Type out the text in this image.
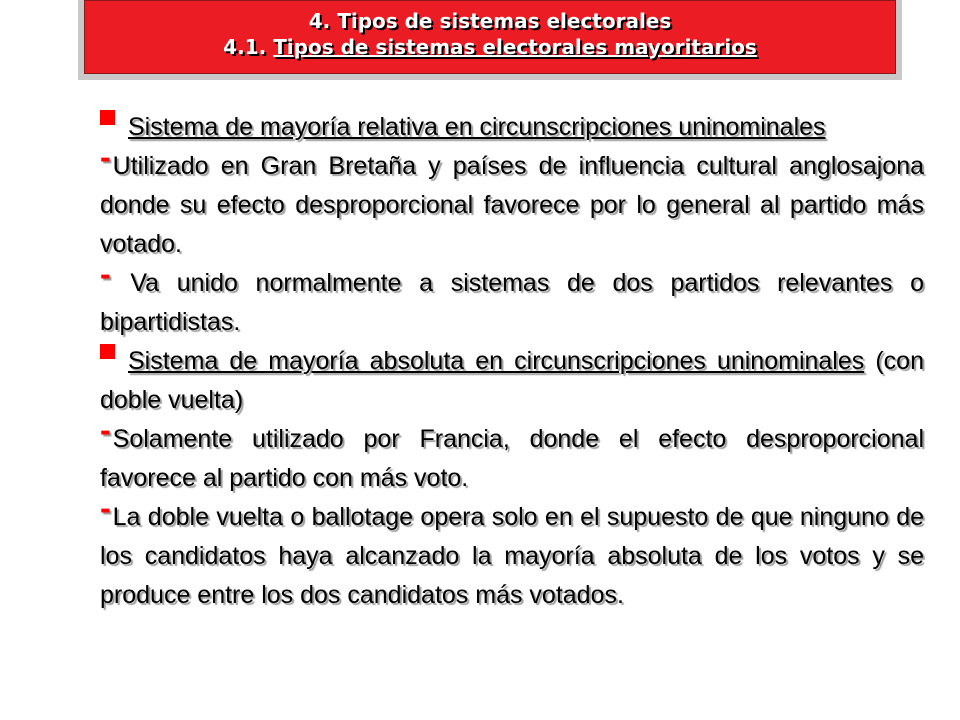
4. Tipos de sistemas electorales
4.1. Tipos de sistemas electorales mayoritarios

Sistema de mayoría relativa en circunscripciones uninominales

-Utilizado en Gran Bretaña y países de influencia cultural anglosajona donde su efecto desproporcional favorece por lo general al partido más votado.

- Va unido normalmente a sistemas de dos partidos relevantes o bipartidistas.

Sistema de mayoría absoluta en circunscripciones uninominales (con doble vuelta)

-Solamente utilizado por Francia, donde el efecto desproporcional favorece al partido con más voto.

-La doble vuelta o ballotage opera solo en el supuesto de que ninguno de los candidatos haya alcanzado la mayoría absoluta de los votos y se produce entre los dos candidatos más votados.
